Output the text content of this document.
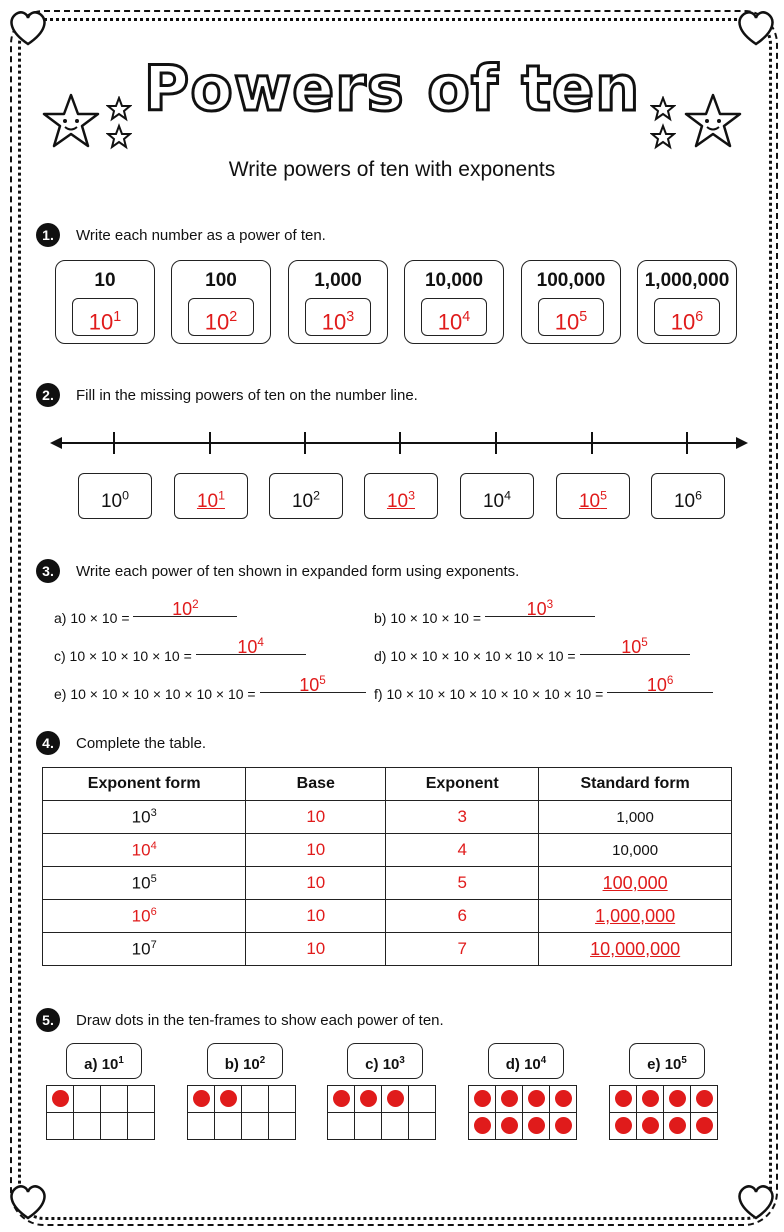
Powers of ten
Write powers of ten with exponents
1.	Write each number as a power of ten.
10
$10^1$
100
$10^2$
1,000
$10^3$
10,000
$10^4$
100,000
$10^5$
1,000,000
$10^6$
2.	Fill in the missing powers of ten on the number line.
$10^0$	$10^1$	$10^2$	$10^3$	$10^4$	$10^5$	$10^6$
3.	Write each power of ten shown in expanded form using exponents.
a) $10 \times 10 = 10^2$
b) $10 \times 10 \times 10 = 10^3$
c) $10 \times 10 \times 10 \times 10 = 10^4$
d) $10 \times 10 \times 10 \times 10 \times 10 \times 10 = 10^5$
e) $10 \times 10 \times 10 \times 10 \times 10 \times 10 = 10^5$
f) $10 \times 10 \times 10 \times 10 \times 10 \times 10 \times 10 = 10^6$
4.	Complete the table.
Exponent form	Base	Exponent	Standard form
$10^3$	10	3	1,000
$10^4$	10	4	10,000
$10^5$	10	5	100,000
$10^6$	10	6	1,000,000
$10^7$	10	7	10,000,000
5.	Draw dots in the ten-frames to show each power of ten.
a) $10^1$

				b) $10^2$

				c) $10^3$

				d) $10^4$

				e) $10^5$
